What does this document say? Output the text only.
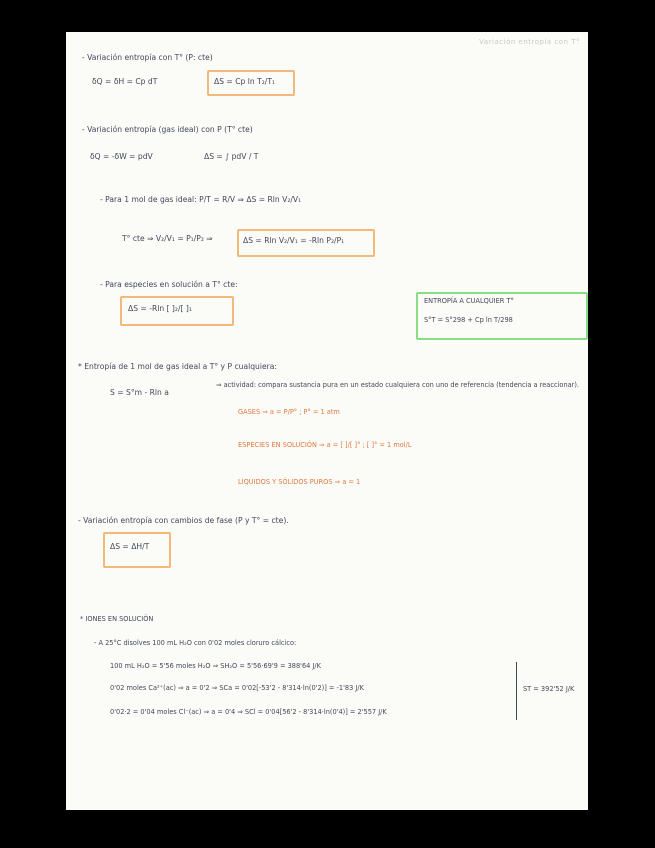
Variación entropía con T°
- Variación entropía con T° (P: cte)
δQ = δH = Cp dT	ΔS = Cp ln T₂/T₁
- Variación entropía (gas ideal) con P (T° cte)
δQ = -δW = pdV	ΔS = ∫ pdV / T
- Para 1 mol de gas ideal: P/T = R/V ⇒ ΔS = Rln V₂/V₁
T° cte ⇒ V₂/V₁ = P₁/P₂ ⇒	ΔS = Rln V₂/V₁ = -Rln P₂/P₁
- Para especies en solución a T° cte:
ΔS = -Rln [ ]₂/[ ]₁
ENTROPÍA A CUALQUIER T°
S°T = S°298 + Cp ln T/298
* Entropía de 1 mol de gas ideal a T° y P cualquiera:
S = S°m - Rln a
⇒ actividad: compara sustancia pura en un estado cualquiera con uno de referencia (tendencia a reaccionar).
GASES ⇒ a = P/P° ; P° = 1 atm
ESPECIES EN SOLUCIÓN ⇒ a = [ ]/[ ]° ; [ ]° = 1 mol/L
LÍQUIDOS Y SÓLIDOS PUROS ⇒ a = 1
- Variación entropía con cambios de fase (P y T° = cte).
ΔS = ΔH/T
* IONES EN SOLUCIÓN
- A 25°C disolves 100 mL H₂O con 0'02 moles cloruro cálcico:
100 mL H₂O = 5'56 moles H₂O ⇒ SH₂O = 5'56·69'9 = 388'64 J/K
0'02 moles Ca²⁺(ac) ⇒ a = 0'2 ⇒ SCa = 0'02[-53'2 - 8'314·ln(0'2)] = -1'83 J/K
0'02·2 = 0'04 moles Cl⁻(ac) ⇒ a = 0'4 ⇒ SCl = 0'04[56'2 - 8'314·ln(0'4)] = 2'557 J/K
ST = 392'52 J/K
